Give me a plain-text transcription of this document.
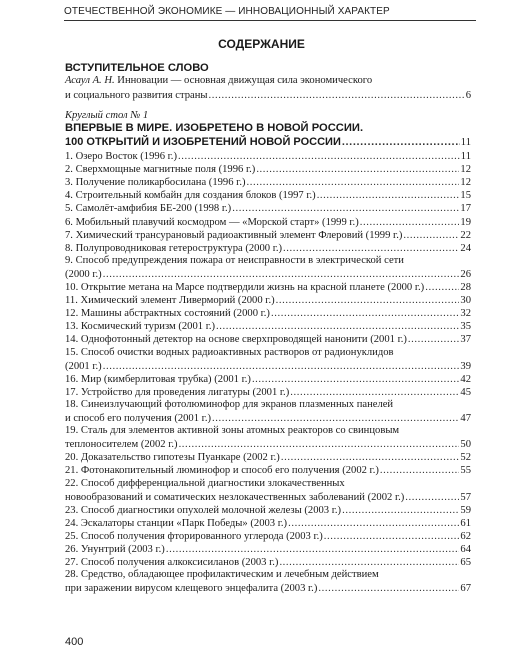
ОТЕЧЕСТВЕННОЙ ЭКОНОМИКЕ — ИННОВАЦИОННЫЙ ХАРАКТЕР
СОДЕРЖАНИЕ
ВСТУПИТЕЛЬНОЕ СЛОВО
Асаул А. Н. Инновации — основная движущая сила экономического
и социального развития страны .....	6
Круглый стол № 1
ВПЕРВЫЕ В МИРЕ. ИЗОБРЕТЕНО В НОВОЙ РОССИИ.
100 ОТКРЫТИЙ И ИЗОБРЕТЕНИЙ НОВОЙ РОССИИ .....	11
1. Озеро Восток (1996 г.) .....	11
2. Сверхмощные магнитные поля (1996 г.) .....	12
3. Получение поликарбосилана (1996 г.) .....	12
4. Строительный комбайн для создания блоков (1997 г.) .....	15
5. Самолёт-амфибия БЕ-200 (1998 г.) .....	17
6. Мобильный плавучий космодром — «Морской старт» (1999 г.) .....	19
7. Химический трансурановый радиоактивный элемент Флеровий (1999 г.) .....	22
8. Полупроводниковая гетероструктура (2000 г.) .....	24
9. Способ предупреждения пожара от неисправности в электрической сети
(2000 г.) .....	26
10. Открытие метана на Марсе подтвердили жизнь на красной планете (2000 г.) .....	28
11. Химический элемент Ливерморий (2000 г.) .....	30
12. Машины абстрактных состояний (2000 г.) .....	32
13. Космический туризм (2001 г.) .....	35
14. Однофотонный детектор на основе сверхпроводящей нанонити (2001 г.) .....	37
15. Способ очистки водных радиоактивных растворов от радионуклидов
(2001 г.) .....	39
16. Мир (кимберлитовая трубка) (2001 г.) .....	42
17. Устройство для проведения лигатуры (2001 г.) .....	45
18. Синеизлучающий фотолюминофор для экранов плазменных панелей
и способ его получения (2001 г.) .....	47
19. Сталь для элементов активной зоны атомных реакторов со свинцовым
теплоносителем (2002 г.) .....	50
20. Доказательство гипотезы Пуанкаре (2002 г.) .....	52
21. Фотонакопительный люминофор и способ его получения (2002 г.) .....	55
22. Способ дифференциальной диагностики злокачественных
новообразований и соматических незлокачественных заболеваний (2002 г.) .....	57
23. Способ диагностики опухолей молочной железы (2003 г.) .....	59
24. Эскалаторы станции «Парк Победы» (2003 г.) .....	61
25. Способ получения фторированного углерода (2003 г.) .....	62
26. Унунтрий (2003 г.) .....	64
27. Способ получения алкоксисиланов (2003 г.) .....	65
28. Средство, обладающее профилактическим и лечебным действием
при заражении вирусом клещевого энцефалита (2003 г.) .....	67
400
